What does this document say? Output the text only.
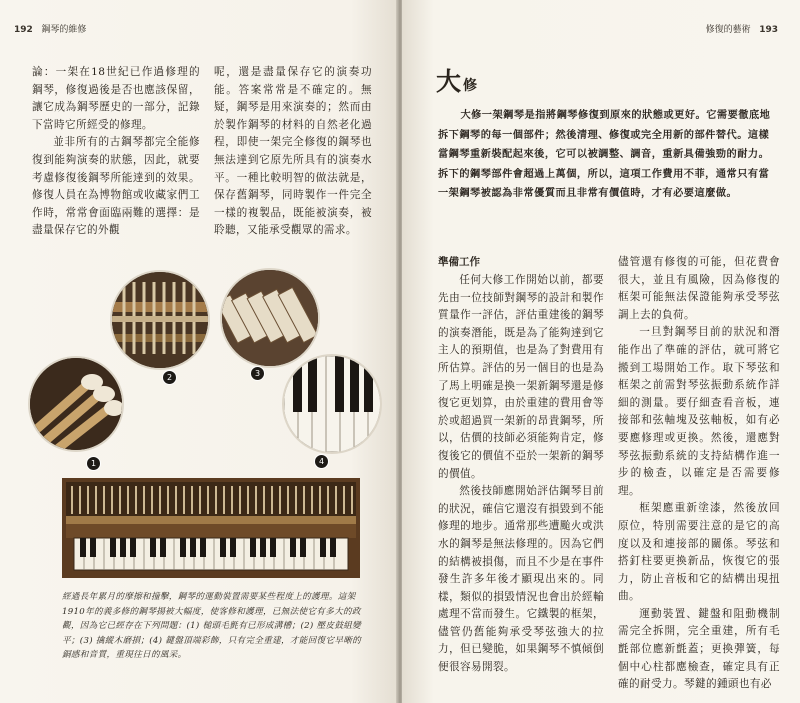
192 鋼琴的維修

論：一架在18世紀已作過修理的鋼琴，修復過後是否也應該保留，讓它成為鋼琴歷史的一部分，記錄下當時它所經受的修理。

並非所有的古鋼琴都完全能修復到能夠演奏的狀態，因此，就要考慮修復後鋼琴所能達到的效果。修復人員在為博物館或收藏家們工作時，常常會面臨兩難的選擇：是盡量保存它的外觀

呢，還是盡量保存它的演奏功能。答案常常是不確定的。無疑，鋼琴是用來演奏的；然而由於製作鋼琴的材料的自然老化過程，即使一架完全修復的鋼琴也無法達到它原先所具有的演奏水平。一種比較明智的做法就是，保存舊鋼琴，同時製作一件完全一樣的複製品，既能被演奏，被聆聽，又能承受觀眾的需求。

1
2	3
4
經過長年累月的摩擦和撞擊，鋼琴的運動裝置需要某些程度上的護理。這架1910年的義多修的鋼琴揚被大幅度，使客修和護理，已無法使它有多大的政觀，因為它已經存在下列問題：(1) 槌頭毛氈有已形成溝槽；(2) 壓皮鼓組變平；(3) 擒縱木磨損；(4) 鍵盤頂端彩飾，只有完全重建，才能回復它早晰的銅感和音質，重現往日的風采。
修復的藝術 193
大修

大修一架鋼琴是指將鋼琴修復到原來的狀態或更好。它需要徹底地拆下鋼琴的每一個部件；然後清理、修復或完全用新的部件替代。這樣當鋼琴重新裝配起來後，它可以被調整、調音，重新具備強勁的耐力。拆下的鋼琴部件會超過上萬個，所以，這項工作費用不菲，通常只有當一架鋼琴被認為非常優質而且非常有價值時，才有必要這麼做。

準備工作

任何大修工作開始以前，都要先由一位技師對鋼琴的設計和製作質量作一評估，評估重建後的鋼琴的演奏潛能，既是為了能夠達到它主人的預期值，也是為了對費用有所估算。評估的另一個目的也是為了馬上明確是換一架新鋼琴還是修復它更划算，由於重建的費用會等於或超過買一架新的昂貴鋼琴，所以，估價的技師必須能夠肯定，修復後它的價值不亞於一架新的鋼琴的價值。

然後技師應開始評估鋼琴目前的狀況，確信它還沒有損毀到不能修理的地步。通常那些遭颱火或洪水的鋼琴是無法修理的。因為它們的結構被損傷，而且不少是在事件發生許多年後才顯現出來的。同樣，類似的損毀情況也會出於經輸處理不當而發生。它鐵製的框架，儘管仍舊能夠承受琴弦強大的拉力，但已變脆，如果鋼琴不慎傾倒便很容易開裂。

儘管還有修復的可能，但花費會很大，並且有風險，因為修復的框架可能無法保證能夠承受琴弦調上去的負荷。

一旦對鋼琴目前的狀況和潛能作出了準確的評估，就可將它搬到工場開始工作。取下琴弦和框架之前需對琴弦振動系統作詳細的測量。要仔細查看音板，連接部和弦軸塊及弦軸板，如有必要應修理或更換。然後，還應對琴弦振動系統的支持結構作進一步的檢查，以確定是否需要修理。

框架應重新塗漆，然後放回原位，特別需要注意的是它的高度以及和連接部的關係。琴弦和搭釘柱要更換新品，恢復它的張力，防止音板和它的結構出現扭曲。

運動裝置、鍵盤和阻動機制需完全拆開，完全重建，所有毛氈部位應新氈蓋；更換彈簧，每個中心柱都應檢查，確定具有正確的耐受力。琴鍵的鍾頭也有必
